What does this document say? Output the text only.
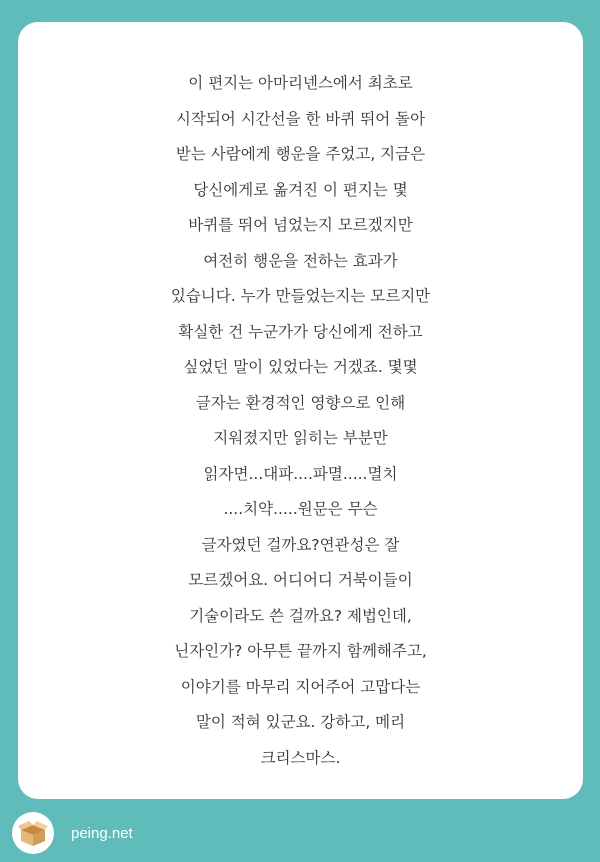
이 편지는 아마리넨스에서 최초로
시작되어 시간선을 한 바퀴 뛰어 돌아
받는 사람에게 행운을 주었고, 지금은
당신에게로 옮겨진 이 편지는 몇
바퀴를 뛰어 넘었는지 모르겠지만
여전히 행운을 전하는 효과가
있습니다. 누가 만들었는지는 모르지만
확실한 건 누군가가 당신에게 전하고
싶었던 말이 있었다는 거겠죠. 몇몇
글자는 환경적인 영향으로 인해
지워졌지만 읽히는 부분만
읽자면...대파....파멸.....멸치
....치약.....원문은 무슨
글자였던 걸까요?연관성은 잘
모르겠어요. 어디어디 거북이들이
기술이라도 쓴 걸까요? 제법인데,
닌자인가? 아무튼 끝까지 함께해주고,
이야기를 마무리 지어주어 고맙다는
말이 적혀 있군요. 강하고, 메리
크리스마스.
peing.net
